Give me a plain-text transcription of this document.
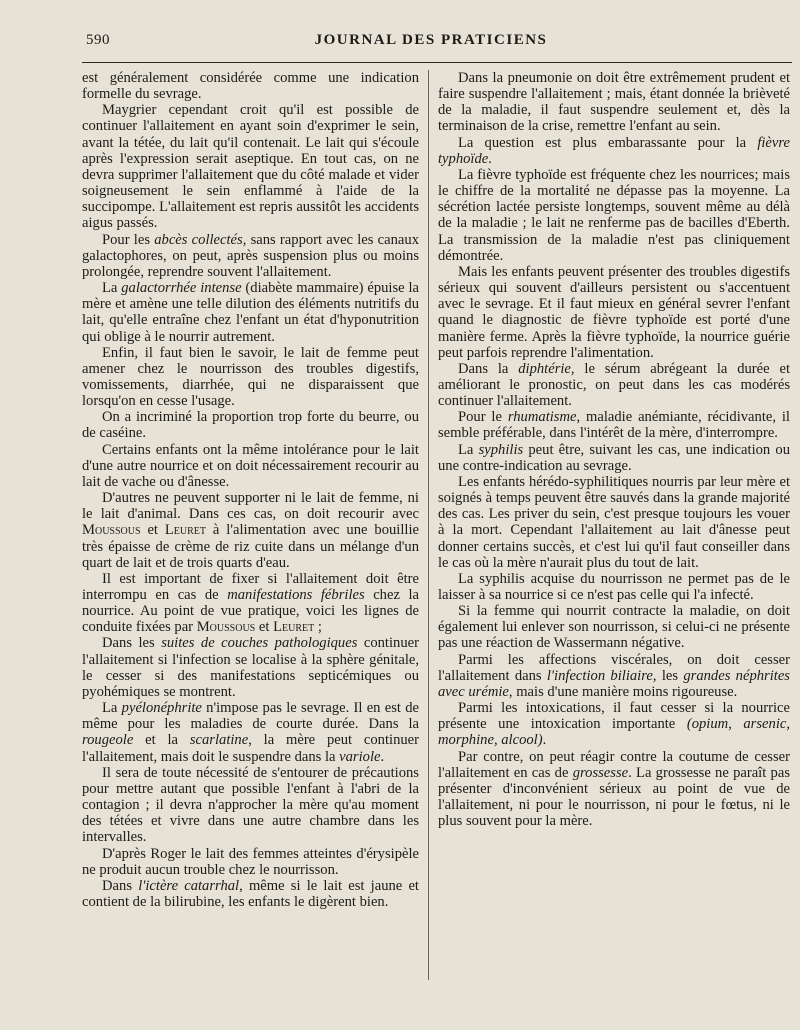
590	JOURNAL DES PRATICIENS

est généralement considérée comme une indication formelle du sevrage.

Maygrier cependant croit qu'il est possible de continuer l'allaitement en ayant soin d'exprimer le sein, avant la tétée, du lait qu'il contenait. Le lait qui s'écoule après l'expression serait aseptique. En tout cas, on ne devra supprimer l'allaitement que du côté malade et vider soigneusement le sein enflammé à l'aide de la succipompe. L'allaitement est repris aussitôt les accidents aigus passés.

Pour les abcès collectés, sans rapport avec les canaux galactophores, on peut, après suspension plus ou moins prolongée, reprendre souvent l'allaitement.

La galactorrhée intense (diabète mammaire) épuise la mère et amène une telle dilution des éléments nutritifs du lait, qu'elle entraîne chez l'enfant un état d'hyponutrition qui oblige à le nourrir autrement.

Enfin, il faut bien le savoir, le lait de femme peut amener chez le nourrisson des troubles digestifs, vomissements, diarrhée, qui ne disparaissent que lorsqu'on en cesse l'usage.

On a incriminé la proportion trop forte du beurre, ou de caséine.

Certains enfants ont la même intolérance pour le lait d'une autre nourrice et on doit nécessairement recourir au lait de vache ou d'ânesse.

D'autres ne peuvent supporter ni le lait de femme, ni le lait d'animal. Dans ces cas, on doit recourir avec Moussous et Leuret à l'alimentation avec une bouillie très épaisse de crème de riz cuite dans un mélange d'un quart de lait et de trois quarts d'eau.

Il est important de fixer si l'allaitement doit être interrompu en cas de manifestations fébriles chez la nourrice. Au point de vue pratique, voici les lignes de conduite fixées par Moussous et Leuret ;

Dans les suites de couches pathologiques continuer l'allaitement si l'infection se localise à la sphère génitale, le cesser si des manifestations septicémiques ou pyohémiques se montrent.

La pyélonéphrite n'impose pas le sevrage. Il en est de même pour les maladies de courte durée. Dans la rougeole et la scarlatine, la mère peut continuer l'allaitement, mais doit le suspendre dans la variole.

Il sera de toute nécessité de s'entourer de précautions pour mettre autant que possible l'enfant à l'abri de la contagion ; il devra n'approcher la mère qu'au moment des tétées et vivre dans une autre chambre dans les intervalles.

D'après Roger le lait des femmes atteintes d'érysipèle ne produit aucun trouble chez le nourrisson.

Dans l'ictère catarrhal, même si le lait est jaune et contient de la bilirubine, les enfants le digèrent bien.

Dans la pneumonie on doit être extrêmement prudent et faire suspendre l'allaitement ; mais, étant donnée la brièveté de la maladie, il faut suspendre seulement et, dès la terminaison de la crise, remettre l'enfant au sein.

La question est plus embarassante pour la fièvre typhoïde.

La fièvre typhoïde est fréquente chez les nourrices; mais le chiffre de la mortalité ne dépasse pas la moyenne. La sécrétion lactée persiste longtemps, souvent même au délà de la maladie ; le lait ne renferme pas de bacilles d'Eberth. La transmission de la maladie n'est pas cliniquement démontrée.

Mais les enfants peuvent présenter des troubles digestifs sérieux qui souvent d'ailleurs persistent ou s'accentuent avec le sevrage. Et il faut mieux en général sevrer l'enfant quand le diagnostic de fièvre typhoïde est porté d'une manière ferme. Après la fièvre typhoïde, la nourrice guérie peut parfois reprendre l'alimentation.

Dans la diphtérie, le sérum abrégeant la durée et améliorant le pronostic, on peut dans les cas modérés continuer l'allaitement.

Pour le rhumatisme, maladie anémiante, récidivante, il semble préférable, dans l'intérêt de la mère, d'interrompre.

La syphilis peut être, suivant les cas, une indication ou une contre-indication au sevrage.

Les enfants hérédo-syphilitiques nourris par leur mère et soignés à temps peuvent être sauvés dans la grande majorité des cas. Les priver du sein, c'est presque toujours les vouer à la mort. Cependant l'allaitement au lait d'ânesse peut donner certains succès, et c'est lui qu'il faut conseiller dans le cas où la mère n'aurait plus du tout de lait.

La syphilis acquise du nourrisson ne permet pas de le laisser à sa nourrice si ce n'est pas celle qui l'a infecté.

Si la femme qui nourrit contracte la maladie, on doit également lui enlever son nourrisson, si celui-ci ne présente pas une réaction de Wassermann négative.

Parmi les affections viscérales, on doit cesser l'allaitement dans l'infection biliaire, les grandes néphrites avec urémie, mais d'une manière moins rigoureuse.

Parmi les intoxications, il faut cesser si la nourrice présente une intoxication importante (opium, arsenic, morphine, alcool).

Par contre, on peut réagir contre la coutume de cesser l'allaitement en cas de grossesse. La grossesse ne paraît pas présenter d'inconvénient sérieux au point de vue de l'allaitement, ni pour le nourrisson, ni pour le fœtus, ni le plus souvent pour la mère.
